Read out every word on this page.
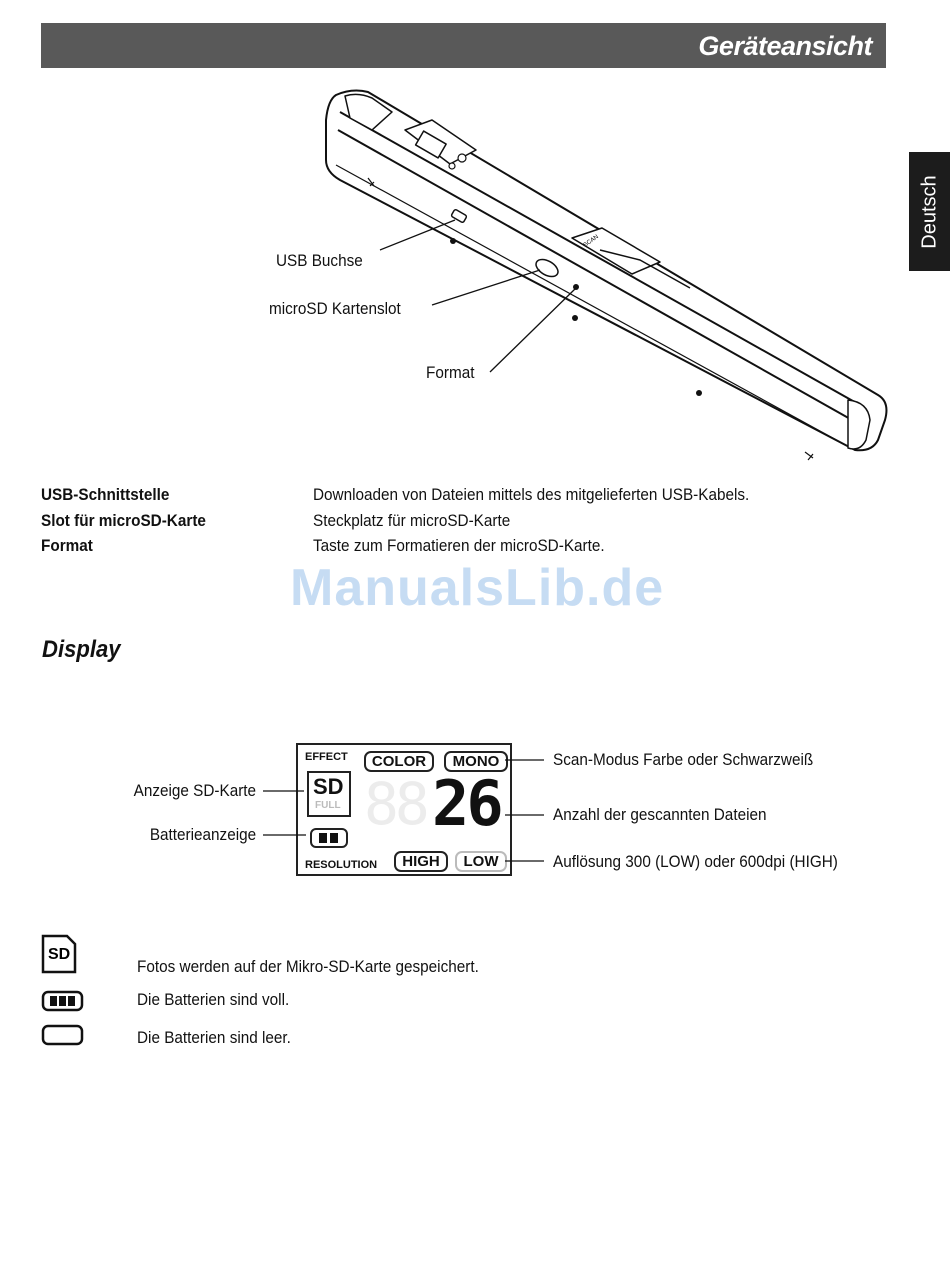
Geräteansicht
Deutsch
SCAN
USB Buchse
microSD Kartenslot
Format
USB-Schnittstelle	Downloaden von Dateien mittels des mitgelieferten USB-Kabels.
Slot für microSD-Karte	Steckplatz für microSD-Karte
Format	Taste zum Formatieren der microSD-Karte.
ManualsLib.de
Display
EFFECT	COLOR	MONO
SD
FULL 88 26
RESOLUTION	HIGH	LOW
Anzeige SD-Karte
Batterieanzeige
Scan-Modus Farbe oder Schwarzweiß
Anzahl der gescannten Dateien
Auflösung 300 (LOW) oder 600dpi (HIGH)
SD
Fotos werden auf der Mikro-SD-Karte gespeichert.
Die Batterien sind voll.
Die Batterien sind leer.
